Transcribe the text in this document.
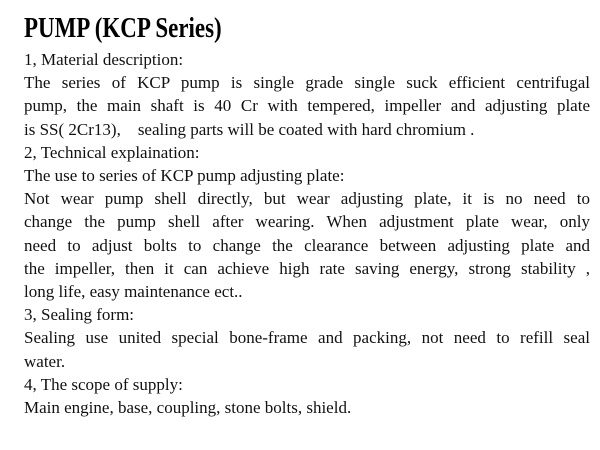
PUMP (KCP Series)
1, Material description:
The series of KCP pump is single grade single suck efficient centrifugal
pump, the main shaft is 40 Cr with tempered, impeller and adjusting plate
is SS( 2Cr13),    sealing parts will be coated with hard chromium .
2, Technical explaination:
The use to series of KCP pump adjusting plate:
Not wear pump shell directly, but wear adjusting plate, it is no need to
change the pump shell after wearing. When adjustment plate wear, only
need to adjust bolts to change the clearance between adjusting plate and
the impeller, then it can achieve high rate saving energy, strong stability ,
long life, easy maintenance ect..
3, Sealing form:
Sealing use united special bone-frame and packing, not need to refill seal
water.
4, The scope of supply:
Main engine, base, coupling, stone bolts, shield.
